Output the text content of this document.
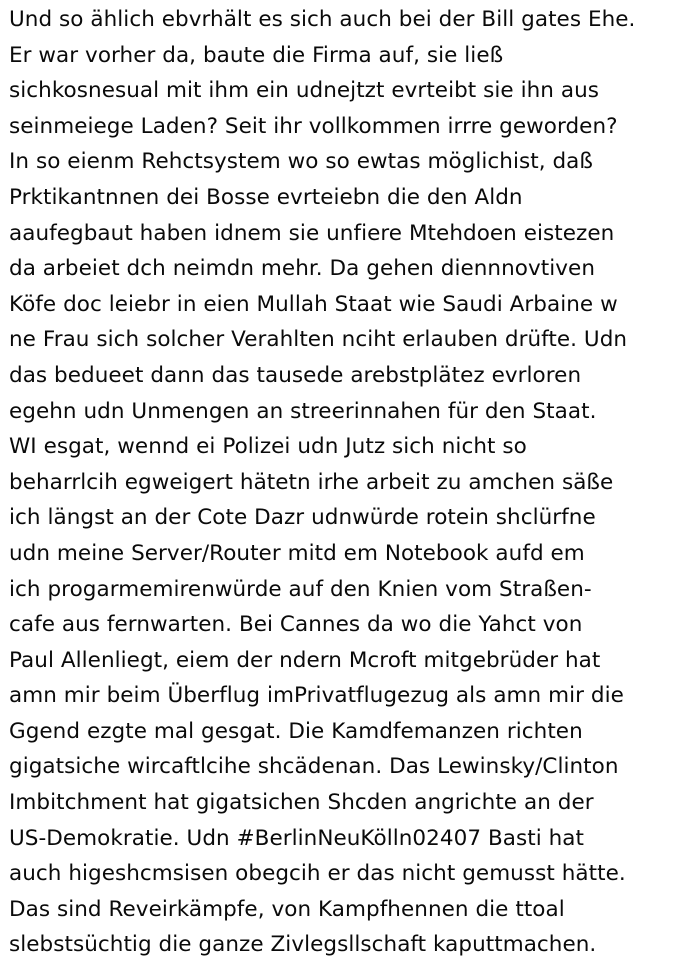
Und so ählich ebvrhält es sich auch bei der Bill gates Ehe.
Er war vorher da, baute die Firma auf, sie ließ
sichkosnesual mit ihm ein udnejtzt evrteibt sie ihn aus
seinmeiege Laden? Seit ihr vollkommen irrre geworden?
In so eienm Rehctsystem wo so ewtas möglichist, daß
Prktikantnnen dei Bosse evrteiebn die den Aldn
aaufegbaut haben idnem sie unfiere Mtehdoen eistezen
da arbeiet dch neimdn mehr. Da gehen diennnovtiven
Köfe doc leiebr in eien Mullah Staat wie Saudi Arbaine w
ne Frau sich solcher Verahlten nciht erlauben drüfte. Udn
das bedueet dann das tausede arebstplätez evrloren
egehn udn Unmengen an streerinnahen für den Staat.
WI esgat, wennd ei Polizei udn Jutz sich nicht so
beharrlcih egweigert hätetn irhe arbeit zu amchen säße
ich längst an der Cote Dazr udnwürde rotein shclürfne
udn meine Server/Router mitd em Notebook aufd em
ich progarmemirenwürde auf den Knien vom Straßen-
cafe aus fernwarten. Bei Cannes da wo die Yahct von
Paul Allenliegt, eiem der ndern Mcroft mitgebrüder hat
amn mir beim Überflug imPrivatflugezug als amn mir die
Ggend ezgte mal gesgat. Die Kamdfemanzen richten
gigatsiche wircaftlcihe shcädenan. Das Lewinsky/Clinton
Imbitchment hat gigatsichen Shcden angrichte an der
US-Demokratie. Udn #BerlinNeuKölln02407 Basti hat
auch higeshcmsisen obegcih er das nicht gemusst hätte.
Das sind Reveirkämpfe, von Kampfhennen die ttoal
slebstsüchtig die ganze Zivlegsllschaft kaputtmachen.
